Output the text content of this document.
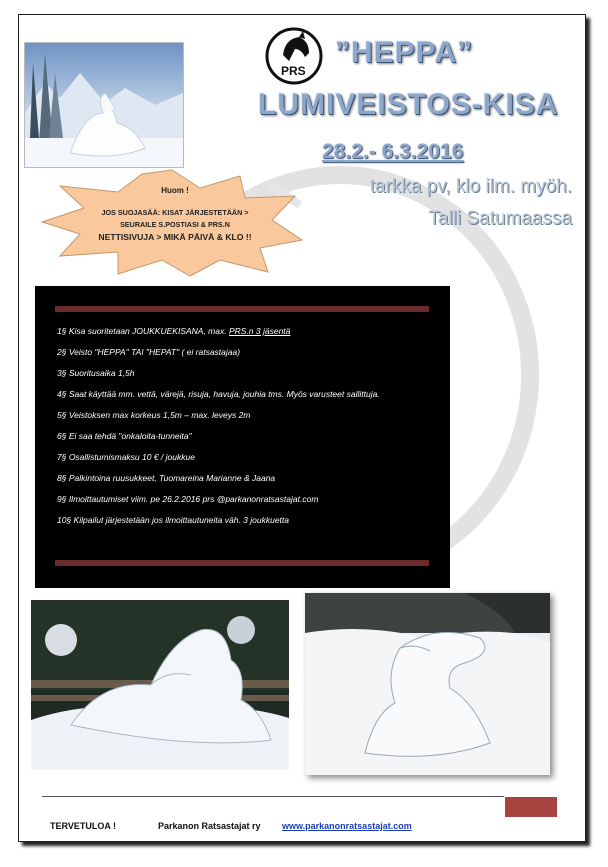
PRS
”HEPPA”
LUMIVEISTOS-KISA
28.2.- 6.3.2016
tarkka pv, klo ilm. myöh.
Talli Satumaassa
Huom !
JOS SUOJASÄÄ: KISAT JÄRJESTETÄÄN >
SEURAILE S.POSTIASI & PRS.N
NETTISIVUJA > MIKÄ PÄIVÄ & KLO !!
1§ Kisa suoritetaan JOUKKUEKISANA, max. PRS.n 3 jäsentä
2§ Veisto "HEPPA" TAI "HEPAT" ( ei ratsastajaa)
3§ Suoritusaika 1,5h
4§ Saat käyttää mm. vettä, värejä, risuja, havuja, jouhia tms. Myös varusteet sallittuja.
5§ Veistoksen max korkeus 1,5m – max. leveys 2m
6§ Ei saa tehdä "onkaloita-tunneita"
7§ Osallistumismaksu 10 € / joukkue
8§ Palkintoina ruusukkeet, Tuomareina Marianne & Jaana
9§ Ilmoittautumiset viim. pe 26.2.2016 prs @parkanonratsastajat.com
10§ Kilpailut järjestetään jos ilmoittautuneita väh. 3 joukkuetta
TERVETULOA !	Parkanon Ratsastajat ry www.parkanonratsastajat.com
